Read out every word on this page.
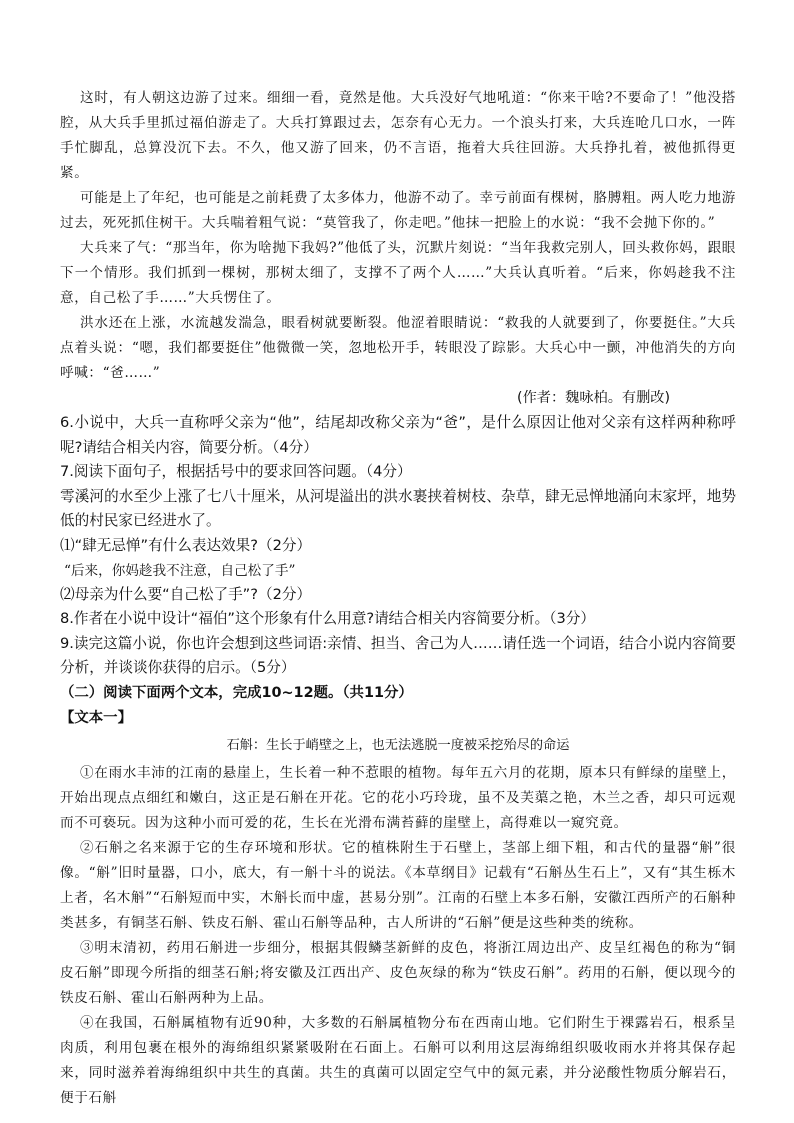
这时，有人朝这边游了过来。细细一看，竟然是他。大兵没好气地吼道：“你来干啥?不要命了！”他没搭腔，从大兵手里抓过福伯游走了。大兵打算跟过去，怎奈有心无力。一个浪头打来，大兵连呛几口水，一阵手忙脚乱，总算没沉下去。不久，他又游了回来，仍不言语，拖着大兵往回游。大兵挣扎着，被他抓得更紧。

可能是上了年纪，也可能是之前耗费了太多体力，他游不动了。幸亏前面有棵树，胳膊粗。两人吃力地游过去，死死抓住树干。大兵喘着粗气说：“莫管我了，你走吧。”他抹一把脸上的水说：“我不会抛下你的。”

大兵来了气：“那当年，你为啥抛下我妈?”他低了头，沉默片刻说：“当年我救完别人，回头救你妈，跟眼下一个情形。我们抓到一棵树，那树太细了，支撑不了两个人……”大兵认真听着。“后来，你妈趁我不注意，自己松了手……”大兵愣住了。

洪水还在上涨，水流越发湍急，眼看树就要断裂。他涩着眼睛说：“救我的人就要到了，你要挺住。”大兵点着头说：“嗯，我们都要挺住”他微微一笑，忽地松开手，转眼没了踪影。大兵心中一颤，冲他消失的方向呼喊：“爸……”

(作者：魏咏柏。有删改)

6.小说中，大兵一直称呼父亲为“他”，结尾却改称父亲为“爸”，是什么原因让他对父亲有这样两种称呼呢?请结合相关内容，简要分析。（4分）

7.阅读下面句子，根据括号中的要求回答问题。（4分）

雩溪河的水至少上涨了七八十厘米，从河堤溢出的洪水裹挟着树枝、杂草，肆无忌惮地涌向末家坪，地势低的村民家已经进水了。

⑴“肆无忌惮”有什么表达效果?（2分）

“后来，你妈趁我不注意，自己松了手”

⑵母亲为什么要“自己松了手”?（2分）

8.作者在小说中设计“福伯”这个形象有什么用意?请结合相关内容简要分析。（3分）

9.读完这篇小说，你也许会想到这些词语:亲情、担当、舍己为人……请任选一个词语，结合小说内容简要分析，并谈谈你获得的启示。（5分）

（二）阅读下面两个文本，完成10~12题。（共11分）

【文本一】

石斛：生长于峭壁之上，也无法逃脱一度被采挖殆尽的命运

①在雨水丰沛的江南的悬崖上，生长着一种不惹眼的植物。每年五六月的花期，原本只有鲜绿的崖壁上，开始出现点点细红和嫩白，这正是石斛在开花。它的花小巧玲珑，虽不及芙蕖之艳，木兰之香，却只可远观而不可亵玩。因为这种小而可爱的花，生长在光滑布满苔藓的崖壁上，高得难以一窥究竟。

②石斛之名来源于它的生存环境和形状。它的植株附生于石壁上，茎部上细下粗，和古代的量器“斛”很像。“斛”旧时量器，口小，底大，有一斛十斗的说法。《本草纲目》记载有“石斛丛生石上”，又有“其生栎木上者，名木斛”“石斛短而中实，木斛长而中虚，甚易分别”。江南的石壁上本多石斛，安徽江西所产的石斛种类甚多，有铜茎石斛、铁皮石斛、霍山石斛等品种，古人所讲的“石斛”便是这些种类的统称。

③明末清初，药用石斛进一步细分，根据其假鳞茎新鲜的皮色，将浙江周边出产、皮呈红褐色的称为“铜皮石斛”即现今所指的细茎石斛;将安徽及江西出产、皮色灰绿的称为“铁皮石斛”。药用的石斛，便以现今的铁皮石斛、霍山石斛两种为上品。

④在我国，石斛属植物有近90种，大多数的石斛属植物分布在西南山地。它们附生于裸露岩石，根系呈肉质，利用包裹在根外的海绵组织紧紧吸附在石面上。石斛可以利用这层海绵组织吸收雨水并将其保存起来，同时滋养着海绵组织中共生的真菌。共生的真菌可以固定空气中的氮元素，并分泌酸性物质分解岩石，便于石斛
